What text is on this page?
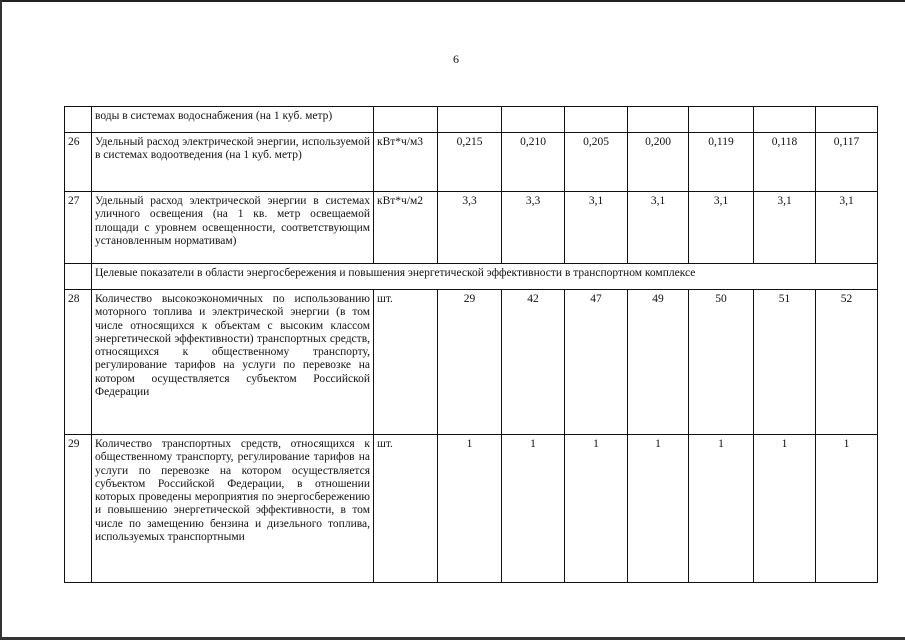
6
	воды в системах водоснабжения (на 1 куб. метр)								
26	Удельный расход электрической энергии, используемой в системах водоотведения (на 1 куб. метр)	кВт*ч/м3	0,215	0,210	0,205	0,200	0,119	0,118	0,117
27	Удельный расход электрической энергии в системах уличного освещения (на 1 кв. метр освещаемой площади с уровнем освещенности, соответствующим установленным нормативам)	кВт*ч/м2	3,3	3,3	3,1	3,1	3,1	3,1	3,1
	Целевые показатели в области энергосбережения и повышения энергетической эффективности в транспортном комплексе								
28	Количество высокоэкономичных по использованию моторного топлива и электрической энергии (в том числе относящихся к объектам с высоким классом энергетической эффективности) транспортных средств, относящихся к общественному транспорту, регулирование тарифов на услуги по перевозке на котором осуществляется субъектом Российской Федерации	шт.	29	42	47	49	50	51	52
29	Количество транспортных средств, относящихся к общественному транспорту, регулирование тарифов на услуги по перевозке на котором осуществляется субъектом Российской Федерации, в отношении которых проведены мероприятия по энергосбережению и повышению энергетической эффективности, в том числе по замещению бензина и дизельного топлива, используемых транспортными	шт.	1	1	1	1	1	1	1
